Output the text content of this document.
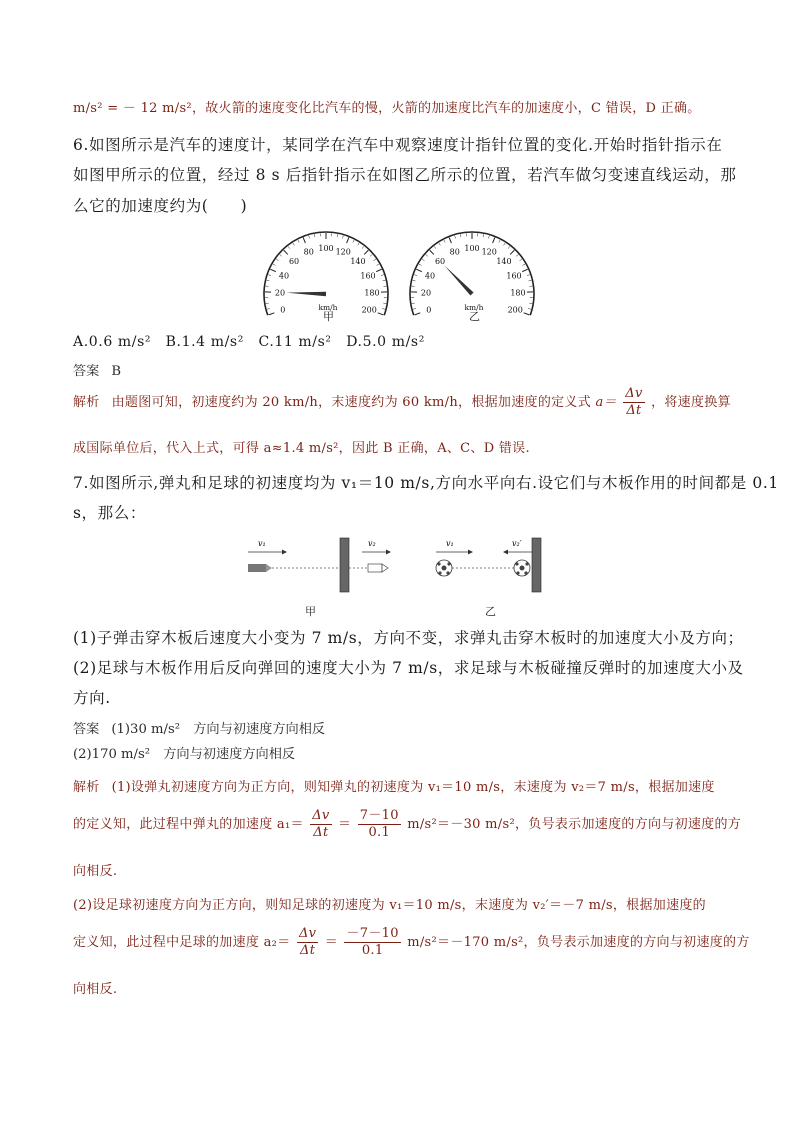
m/s² = － 12 m/s²，故火箭的速度变化比汽车的慢，火箭的加速度比汽车的加速度小，C 错误，D 正确。
6.如图所示是汽车的速度计，某同学在汽车中观察速度计指针位置的变化.开始时指针指示在
如图甲所示的位置，经过 8 s 后指针指示在如图乙所示的位置，若汽车做匀变速直线运动，那
么它的加速度约为(　　)
0
20
40
60
80 100 120
140
160
180
200
km/h	0
20
40
60
80 100 120
140
160
180
200
km/h
甲	乙
A.0.6 m/s²　B.1.4 m/s²　C.11 m/s²　D.5.0 m/s²
答案 B
解析 由题图可知，初速度约为 20 km/h，末速度约为 60 km/h，根据加速度的定义式 $a= \frac{\Delta v}{\Delta t}$ ，将速度换算
成国际单位后，代入上式，可得 a≈1.4 m/s²，因此 B 正确，A、C、D 错误.
7.如图所示,弹丸和足球的初速度均为 v₁＝10 m/s,方向水平向右.设它们与木板作用的时间都是 0.1
s，那么：
v₁	v₂	v₁	v₂′
甲	乙
(1)子弹击穿木板后速度大小变为 7 m/s，方向不变，求弹丸击穿木板时的加速度大小及方向；
(2)足球与木板作用后反向弹回的速度大小为 7 m/s，求足球与木板碰撞反弹时的加速度大小及
方向.
答案 (1)30 m/s²　方向与初速度方向相反
(2)170 m/s²　方向与初速度方向相反
解析 (1)设弹丸初速度方向为正方向，则知弹丸的初速度为 v₁＝10 m/s，末速度为 v₂＝7 m/s，根据加速度
的定义知，此过程中弹丸的加速度 $a_1= \frac{\Delta v}{\Delta t} = \frac{7-10}{0.1} m/s^2=-30$ m/s²，负号表示加速度的方向与初速度的方
向相反.
(2)设足球初速度方向为正方向，则知足球的初速度为 v₁＝10 m/s，末速度为 v₂′＝－7 m/s，根据加速度的
定义知，此过程中足球的加速度 $a_2= \frac{\Delta v}{\Delta t} = \frac{-7-10}{0.1} m/s^2=-170$ m/s²，负号表示加速度的方向与初速度的方
向相反.
